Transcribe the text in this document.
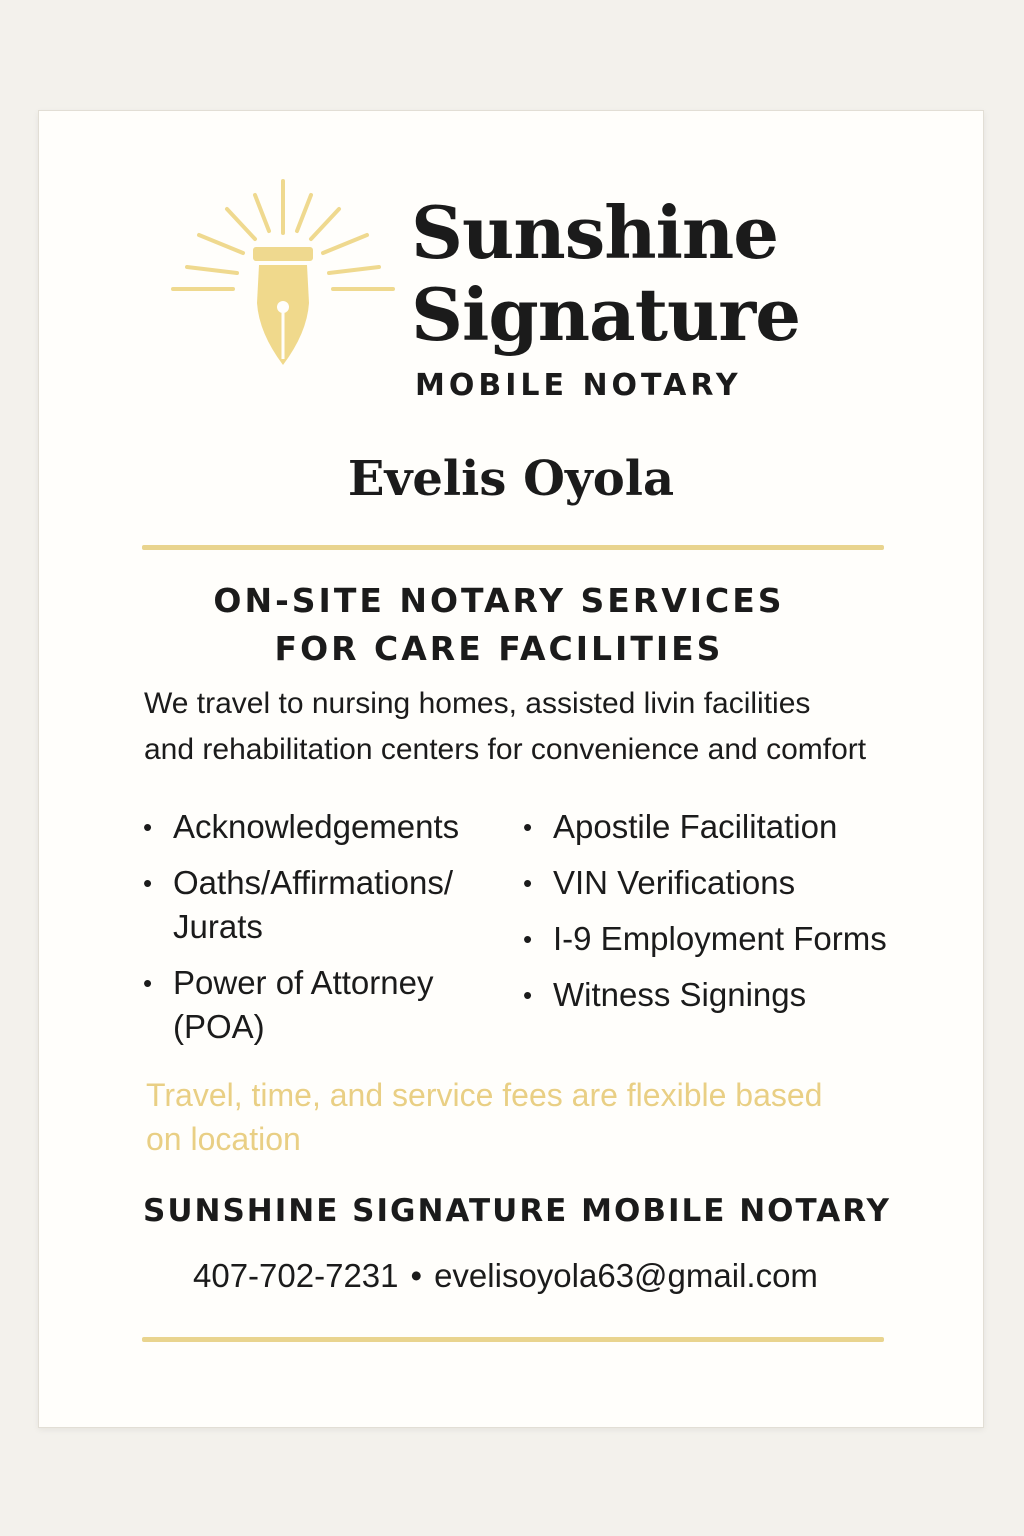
Sunshine
Signature
MOBILE NOTARY
Evelis Oyola
ON-SITE NOTARY SERVICES
FOR CARE FACILITIES
We travel to nursing homes, assisted livin facilities
and rehabilitation centers for convenience and comfort
• Acknowledgements
• Oaths/Affirmations/
Jurats
• Power of Attorney
(POA)
• Apostile Facilitation
• VIN Verifications
• I-9 Employment Forms
• Witness Signings
Travel, time, and service fees are flexible based
on location
SUNSHINE SIGNATURE MOBILE NOTARY
407-702-7231 • evelisoyola63@gmail.com
